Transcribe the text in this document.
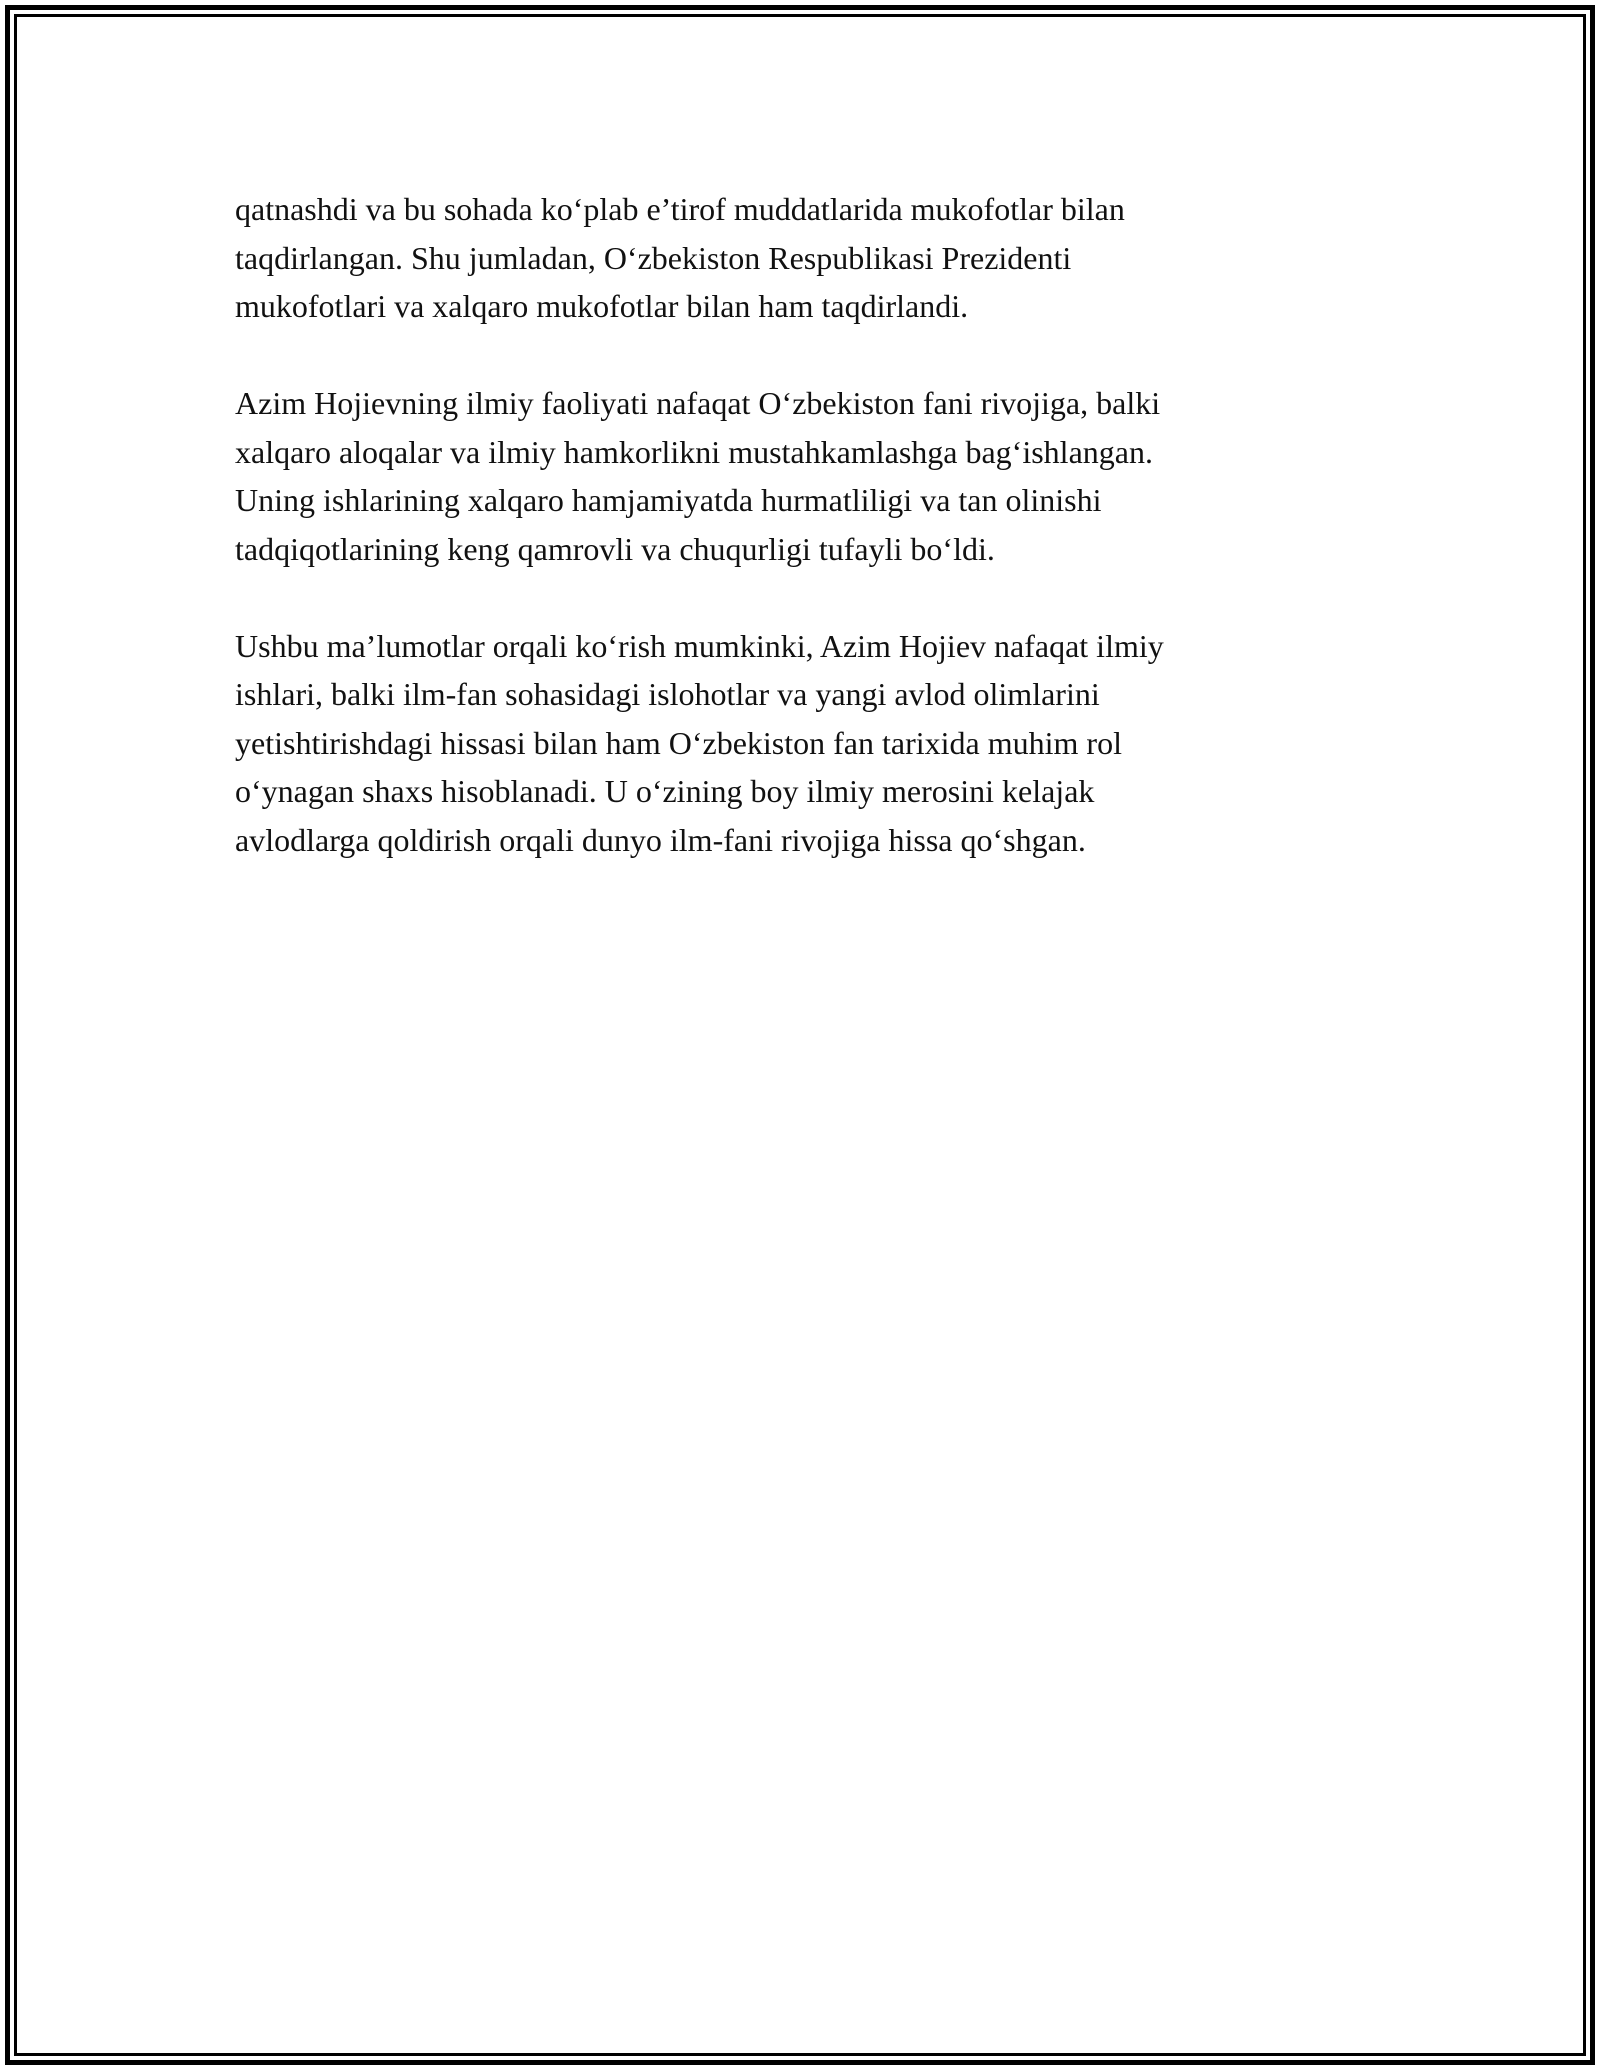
qatnashdi va bu sohada ko‘plab e’tirof muddatlarida mukofotlar bilan
taqdirlangan. Shu jumladan, O‘zbekiston Respublikasi Prezidenti
mukofotlari va xalqaro mukofotlar bilan ham taqdirlandi.

Azim Hojievning ilmiy faoliyati nafaqat O‘zbekiston fani rivojiga, balki
xalqaro aloqalar va ilmiy hamkorlikni mustahkamlashga bag‘ishlangan.
Uning ishlarining xalqaro hamjamiyatda hurmatliligi va tan olinishi
tadqiqotlarining keng qamrovli va chuqurligi tufayli bo‘ldi.

Ushbu ma’lumotlar orqali ko‘rish mumkinki, Azim Hojiev nafaqat ilmiy
ishlari, balki ilm-fan sohasidagi islohotlar va yangi avlod olimlarini
yetishtirishdagi hissasi bilan ham O‘zbekiston fan tarixida muhim rol
o‘ynagan shaxs hisoblanadi. U o‘zining boy ilmiy merosini kelajak
avlodlarga qoldirish orqali dunyo ilm-fani rivojiga hissa qo‘shgan.
